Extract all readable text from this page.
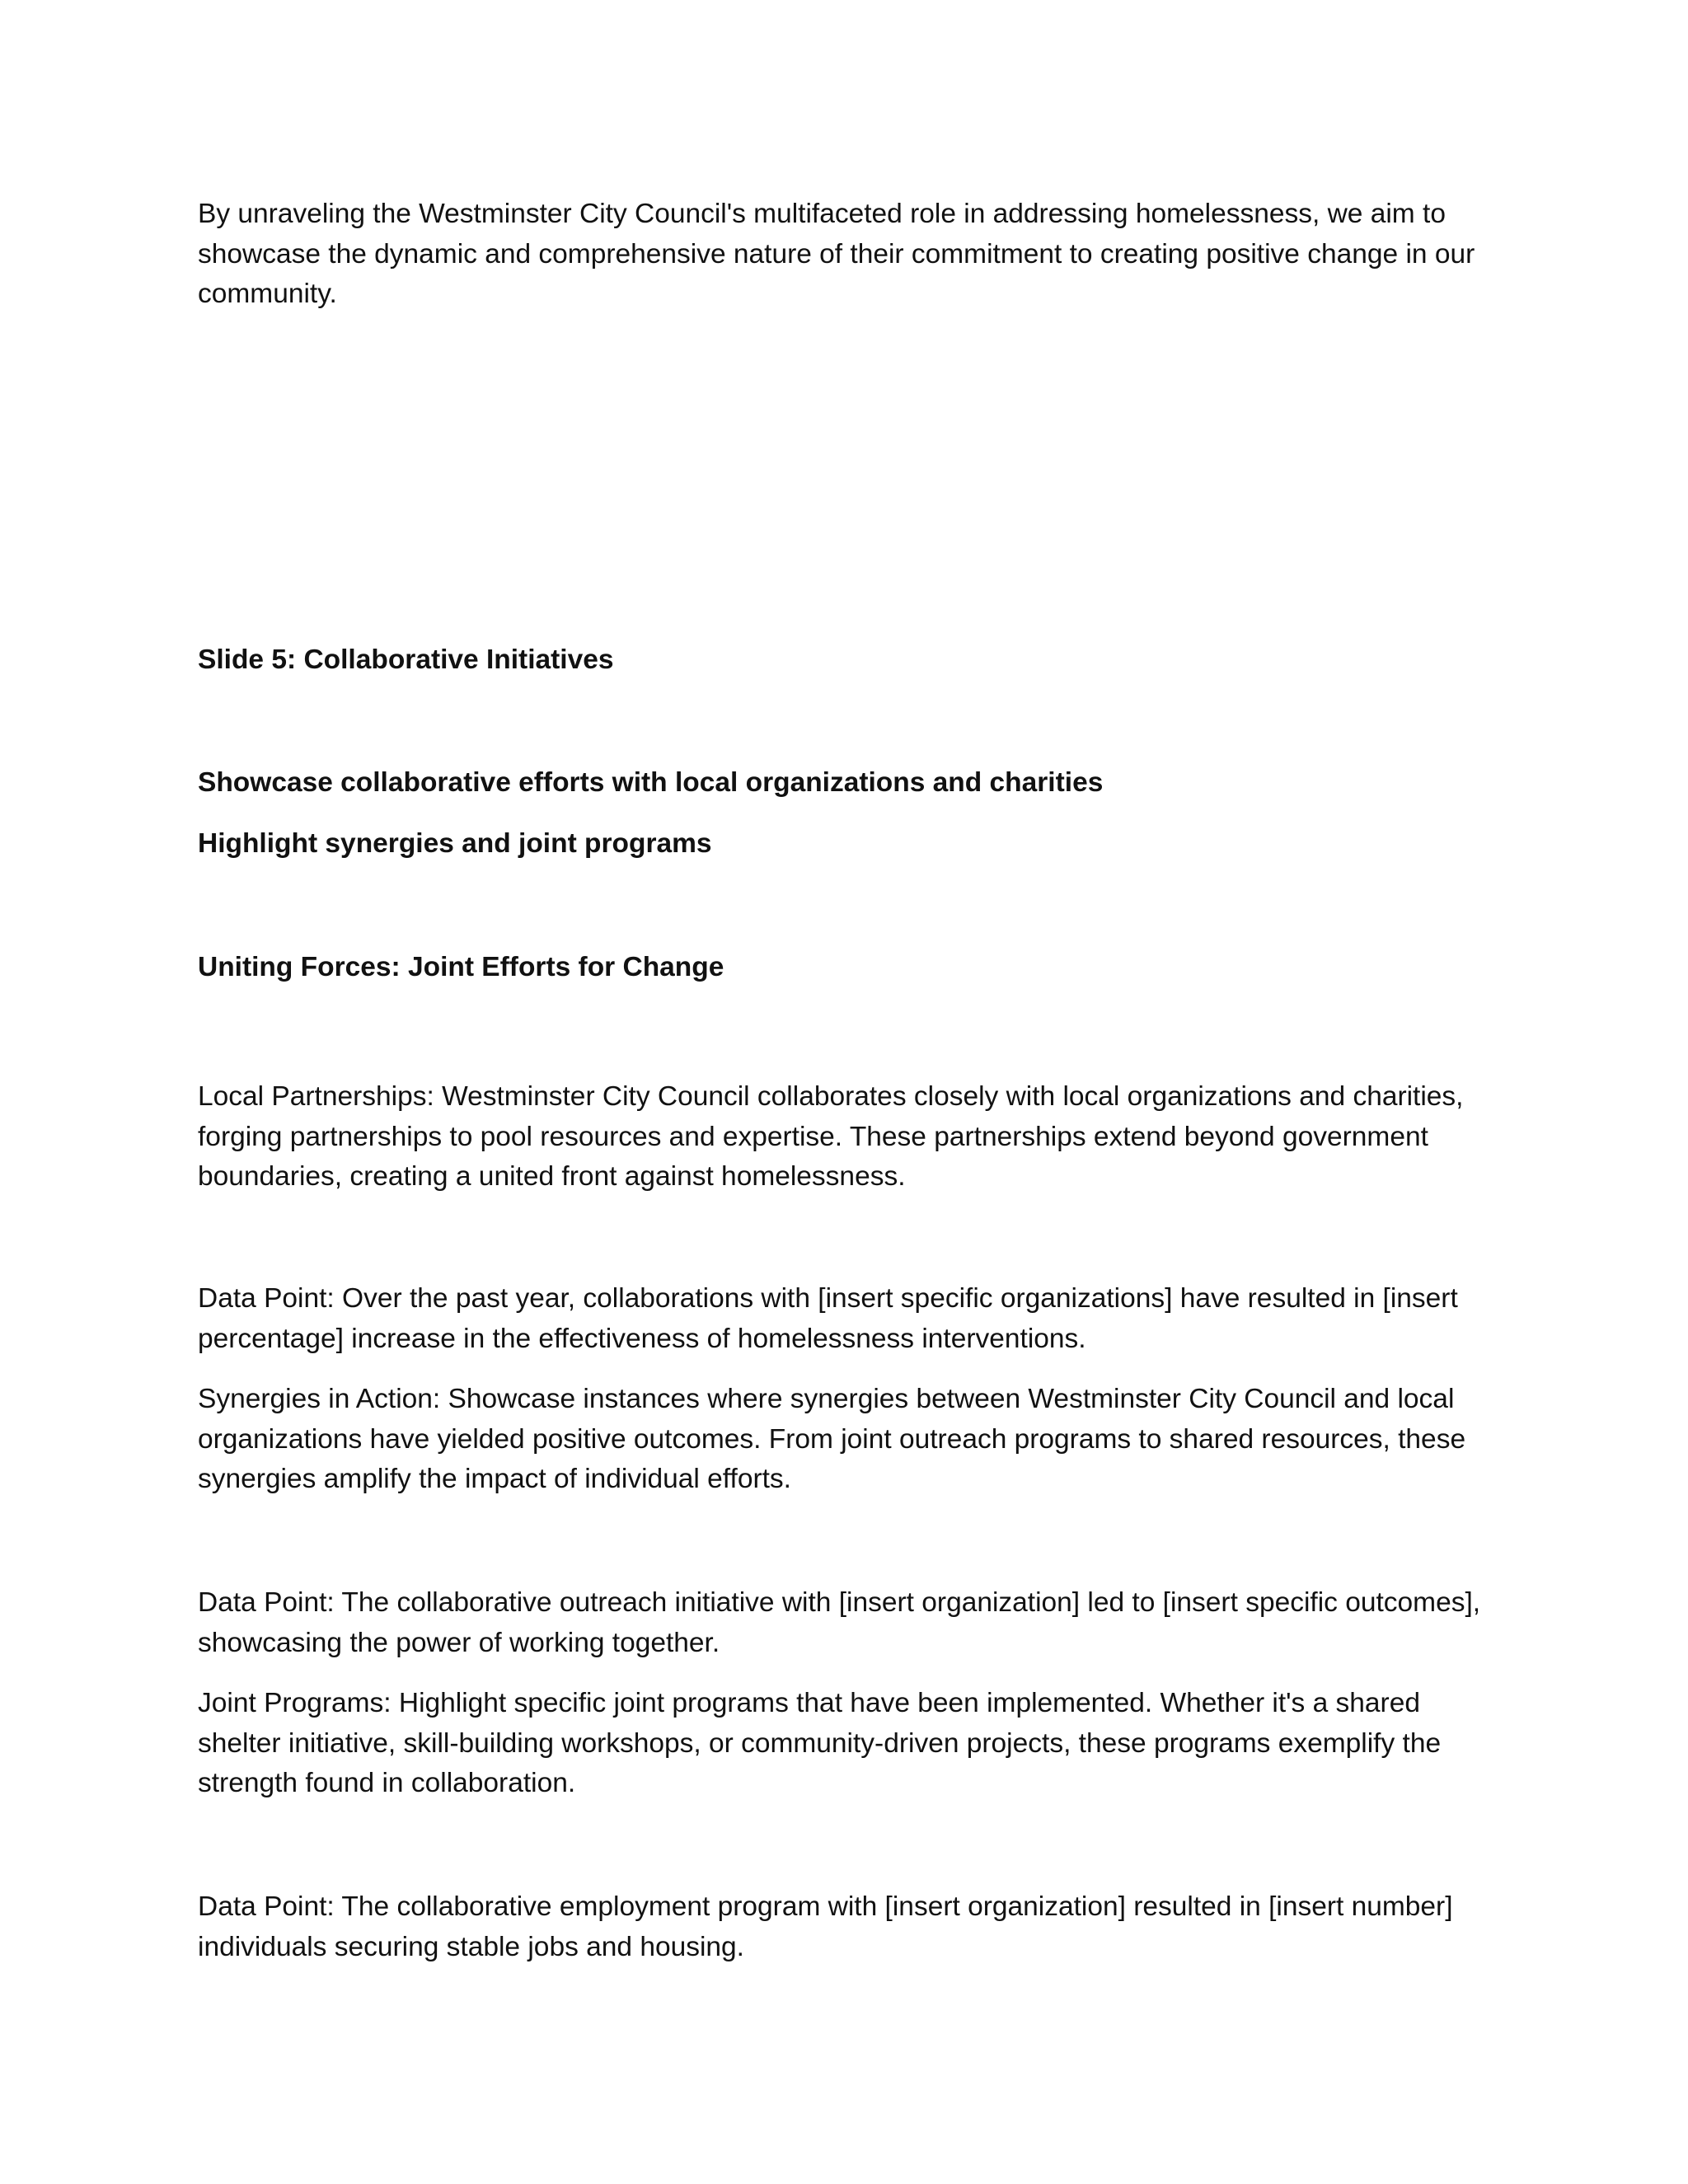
By unraveling the Westminster City Council's multifaceted role in addressing homelessness, we aim to showcase the dynamic and comprehensive nature of their commitment to creating positive change in our community.

Slide 5: Collaborative Initiatives

Showcase collaborative efforts with local organizations and charities

Highlight synergies and joint programs

Uniting Forces: Joint Efforts for Change

Local Partnerships: Westminster City Council collaborates closely with local organizations and charities, forging partnerships to pool resources and expertise. These partnerships extend beyond government boundaries, creating a united front against homelessness.

Data Point: Over the past year, collaborations with [insert specific organizations] have resulted in [insert percentage] increase in the effectiveness of homelessness interventions.

Synergies in Action: Showcase instances where synergies between Westminster City Council and local organizations have yielded positive outcomes. From joint outreach programs to shared resources, these synergies amplify the impact of individual efforts.

Data Point: The collaborative outreach initiative with [insert organization] led to [insert specific outcomes], showcasing the power of working together.

Joint Programs: Highlight specific joint programs that have been implemented. Whether it's a shared shelter initiative, skill-building workshops, or community-driven projects, these programs exemplify the strength found in collaboration.

Data Point: The collaborative employment program with [insert organization] resulted in [insert number] individuals securing stable jobs and housing.
